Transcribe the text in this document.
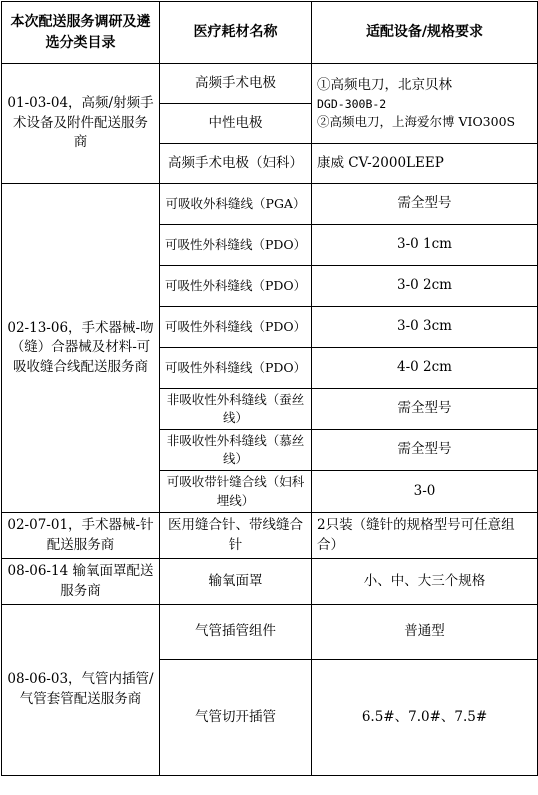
本次配送服务调研及遴选分类目录	医疗耗材名称	适配设备/规格要求
01-03-04，高频/射频手术设备及附件配送服务商	高频手术电极	①高频电刀，北京贝林
DGD-300B-2
②高频电刀，上海爱尔博 VIO300S

	中性电极	
	高频手术电极（妇科）	康威 CV-2000LEEP
02-13-06，手术器械-吻（缝）合器械及材料-可吸收缝合线配送服务商	可吸收外科缝线（PGA）	需全型号
	可吸性外科缝线（PDO）	3-0 1cm
	可吸性外科缝线（PDO）	3-0 2cm
	可吸性外科缝线（PDO）	3-0 3cm
	可吸性外科缝线（PDO）	4-0 2cm
	非吸收性外科缝线（蚕丝线）	需全型号
	非吸收性外科缝线（慕丝线）	需全型号
	可吸收带针缝合线（妇科埋线）	3-0
02-07-01，手术器械-针配送服务商	医用缝合针、带线缝合针	2只装（缝针的规格型号可任意组合）
08-06-14 输氧面罩配送服务商	输氧面罩	小、中、大三个规格
08-06-03，气管内插管/气管套管配送服务商	气管插管组件	普通型
	气管切开插管	6.5#、7.0#、7.5#
